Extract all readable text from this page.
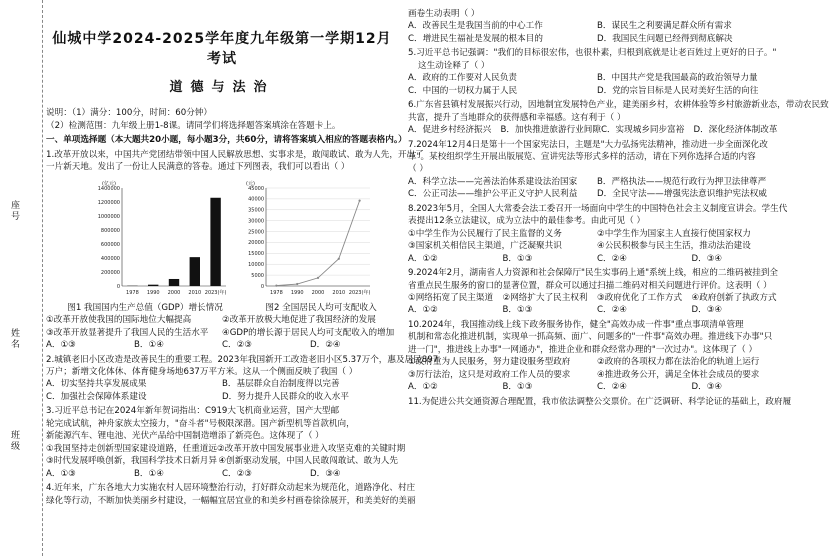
座号
姓名
班级
仙城中学2024-2025学年度九年级第一学期12月考试
道德与法治
说明：（1）满分：100分，时间：60分钟）
（2）检测范围：九年级上册1-8课。请同学们将选择题答案填涂在答题卡上。
一、单项选择题（本大题共20小题，每小题3分，共60分，请将答案填入相应的答题表格内。）
1.改革开放以来，中国共产党团结带领中国人民解放思想、实事求是，敢闯敢试、敢为人先，开出了
一片新天地。发出了一份让人民满意的答卷。通过下列图表，我们可以看出（ ）
(亿元)
0
200000
400000
600000
800000
1000000
1200000
1400000
1978 1990 2000 2010 2023(年)
(元)
0
5000
10000
15000
20000
25000
30000
35000
40000
45000
1978 1990 2000 2010 2023(年)
图1 我国国内生产总值（GDP）增长情况	图2 全国居民人均可支配收入
①改革开放使我国的国际地位大幅提高	②改革开放极大地促进了我国经济的发展
③改革开放显著提升了我国人民的生活水平	④GDP的增长源于居民人均可支配收入的增加
A．①③	B．①④	C．②③	D．②④
2.城镇老旧小区改造是改善民生的重要工程。2023年我国新开工改造老旧小区5.37万个，惠及居民897
万户；新增文化体休、体育健身场地637万平方米。这从一个侧面反映了我国（ ）
A．切实坚持共享发展成果	B．基层群众自治制度得以完善
C．加强社会保障体系建设	D．努力提升人民群众的收入水平
3.习近平总书记在2024年新年贺词指出：C919大飞机商业运营，国产大型邮
轮完成试航，神舟家族太空接力，"奋斗者"号极限深潜。国产新型机等首款机向，
新能源汽车、锂电池、光伏产品给中国制造增添了新亮色。这体现了（ ）
①我国坚持走创新型国家建设道路，任重道远 ②改革开放中国发展事业进入攻坚克难的关键时期
③时代发展呼唤创新，我国科学技术日新月异 ④创新驱动发展，中国人民敢闯敢试、敢为人先
A．①③	B．①④	C．②③	D．③④
4.近年来，广东各地大力实施农村人居环境整治行动，打好群众动起来为规范化，道路净化、村庄
绿化等行动，不断加快美丽乡村建设，一幅幅宜居宜业的和美乡村画卷徐徐展开，和美美好的美丽
画卷生动表明（ ）
A．改善民生是我国当前的中心工作	B．谋民生之利要满足群众所有需求
C．增进民生福祉是发展的根本目的	D．我国民生问题已经得到彻底解决
5.习近平总书记强调："我们的目标很宏伟，也很朴素，归根到底就是让老百姓过上更好的日子。"
这生动诠释了（ ）
A．政府的工作要对人民负责	B．中国共产党是我国最高的政治领导力量
C．中国的一切权力属于人民	D．党的宗旨目标是人民对美好生活的向往
6.广东省县镇村发展振兴行动，因地制宜发展特色产业，建美丽乡村，农耕体验等乡村旅游新业态，带动农民致
共富，提升了当地群众的获得感和幸福感。这有利于（ ）
A．促进乡村经济振兴	B．加快推进旅游行业间隙 C．实现城乡同步富裕	D．深化经济体制改革
7.2024年12月4日是第十一个国家宪法日，主题是"大力弘扬宪法精神，推动进一步全面深化改
革"。某校组织学生开展出版展览、宣讲宪法等形式多样的活动，请在下列你选择合适的内容
（ ）
A．科学立法——完善法治体系建设法治国家	B．严格执法——规范行政行为押卫法律尊严
C．公正司法——维护公平正义守护人民利益	D．全民守法——增强宪法意识维护宪法权威
8.2023年5月，全国人大常委会法工委召开一场面向中学生的中国特色社会主义制度宣讲会。学生代
表提出12条立法建议，成为立法中的最佳参考。由此可见（ ）
①中学生作为公民履行了民主监督的义务	②中学生作为国家主人直接行使国家权力
③国家机关相信民主渠道，广泛凝聚共识	④公民积极参与民主生活，推动法治建设
A．①②	B．①③	C．②④	D．③④
9.2024年2月，湖南省人力资源和社会保障厅"民生实事码上通"系统上线，相应的二维码被挂到全
省重点民生服务的窗口的显著位置，群众可以通过扫描二维码对相关问题进行评价。这表明（ ）
①网络拓宽了民主渠道	②网络扩大了民主权利	③政府优化了工作方式	④政府创新了执政方式
A．①②	B．①③	C．②④	D．③④
10.2024年，我国推动线上线下政务服务协作，健全"高效办成一件事"重点事项清单管理
机制和常态化推进机制，实现单一抓高频、面广、问题多的"一件事"高效办理。推进线下办事"只
进一门"，推进线上办事"一网通办"，推进企业和群众经常办理的"一次过办"。这体现了（ ）
①政府重为人民服务，努力建设服务型政府	②政府的各项权力都在法治化的轨道上运行
③厉行法治，这只是对政府工作人员的要求	④推进政务公开，满足全体社会成员的要求
A．①②	B．①③	C．②④	D．③④
11.为促进公共交通资源合理配置，我市依法调整公交票价。在广泛调研、科学论证的基础上，政府履
